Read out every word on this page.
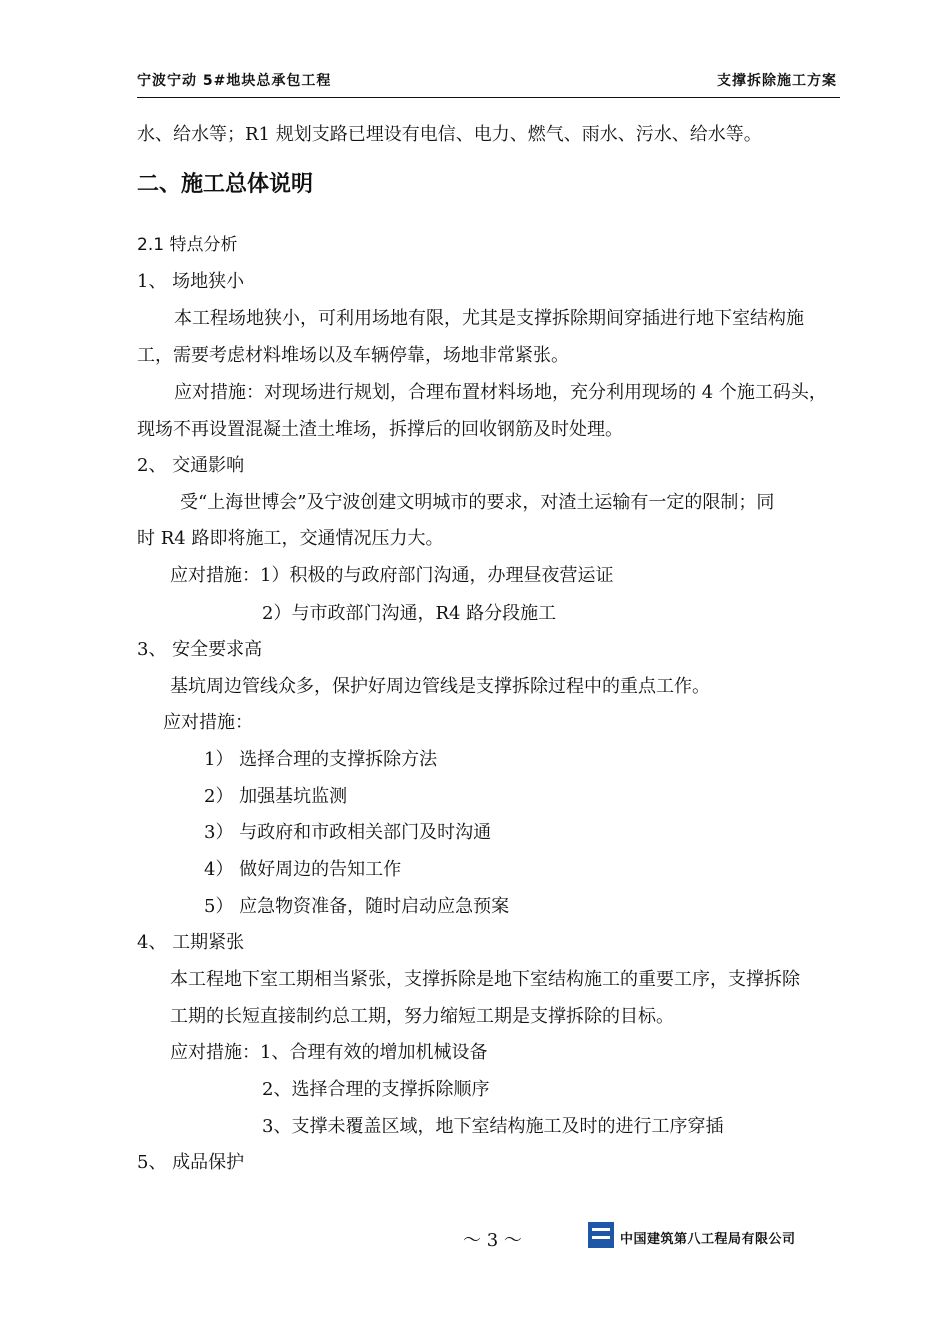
宁波宁动 5#地块总承包工程	支撑拆除施工方案
水、给水等；R1 规划支路已埋设有电信、电力、燃气、雨水、污水、给水等。
二、施工总体说明
2.1 特点分析
1、 场地狭小
本工程场地狭小，可利用场地有限，尤其是支撑拆除期间穿插进行地下室结构施
工，需要考虑材料堆场以及车辆停靠，场地非常紧张。
应对措施：对现场进行规划，合理布置材料场地，充分利用现场的 4 个施工码头，
现场不再设置混凝土渣土堆场，拆撑后的回收钢筋及时处理。
2、 交通影响
受“上海世博会”及宁波创建文明城市的要求，对渣土运输有一定的限制；同
时 R4 路即将施工，交通情况压力大。
应对措施：1）积极的与政府部门沟通，办理昼夜营运证
2）与市政部门沟通，R4 路分段施工
3、 安全要求高
基坑周边管线众多，保护好周边管线是支撑拆除过程中的重点工作。
应对措施：
1） 选择合理的支撑拆除方法
2） 加强基坑监测
3） 与政府和市政相关部门及时沟通
4） 做好周边的告知工作
5） 应急物资准备，随时启动应急预案
4、 工期紧张
本工程地下室工期相当紧张，支撑拆除是地下室结构施工的重要工序，支撑拆除
工期的长短直接制约总工期，努力缩短工期是支撑拆除的目标。
应对措施：1、合理有效的增加机械设备
2、选择合理的支撑拆除顺序
3、支撑未覆盖区域，地下室结构施工及时的进行工序穿插
5、 成品保护
～ 3 ～	中国建筑第八工程局有限公司
